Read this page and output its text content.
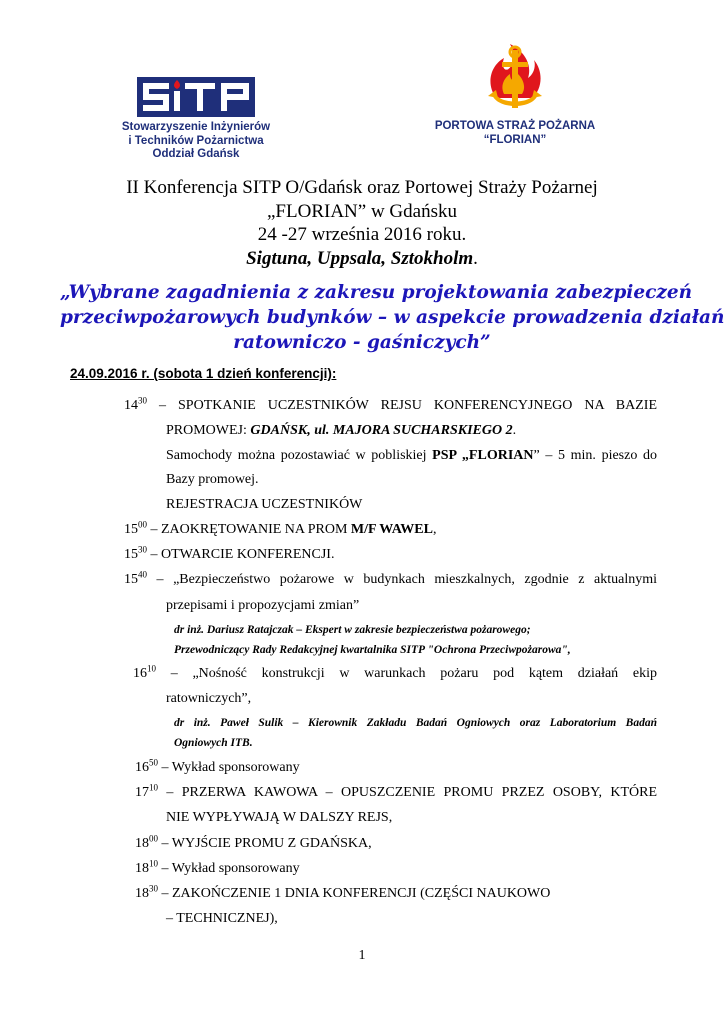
Stowarzyszenie Inżynierów
i Techników Pożarnictwa
Oddział Gdańsk
PORTOWA STRAŻ POŻARNA
“FLORIAN”
II Konferencja SITP O/Gdańsk oraz Portowej Straży Pożarnej
„FLORIAN” w Gdańsku
24 -27 września 2016 roku.
Sigtuna, Uppsala, Sztokholm.
„Wybrane zagadnienia z zakresu projektowania zabezpieczeń
przeciwpożarowych budynków – w aspekcie prowadzenia działań
ratowniczo - gaśniczych”
24.09.2016 r. (sobota 1 dzień konferencji):
$14^{30}$ – SPOTKANIE UCZESTNIKÓW REJSU KONFERENCYJNEGO NA BAZIE
PROMOWEJ: GDAŃSK, ul. MAJORA SUCHARSKIEGO 2.
Samochody można pozostawiać w pobliskiej PSP „FLORIAN” – 5 min. pieszo do
Bazy promowej.
REJESTRACJA UCZESTNIKÓW
$15^{00}$ – ZAOKRĘTOWANIE NA PROM M/F WAWEL,
$15^{30}$ – OTWARCIE KONFERENCJI.
$15^{40}$ – „Bezpieczeństwo pożarowe w budynkach mieszkalnych, zgodnie z aktualnymi
przepisami i propozycjami zmian”
dr inż. Dariusz Ratajczak – Ekspert w zakresie bezpieczeństwa pożarowego;
Przewodniczący Rady Redakcyjnej kwartalnika SITP "Ochrona Przeciwpożarowa",
$16^{10}$ – „Nośność konstrukcji w warunkach pożaru pod kątem działań ekip
ratowniczych”,
dr inż. Paweł Sulik – Kierownik Zakładu Badań Ogniowych oraz Laboratorium Badań
Ogniowych ITB.
$16^{50}$ – Wykład sponsorowany
$17^{10}$ – PRZERWA KAWOWA – OPUSZCZENIE PROMU PRZEZ OSOBY, KTÓRE
NIE WYPŁYWAJĄ W DALSZY REJS,
$18^{00}$ – WYJŚCIE PROMU Z GDAŃSKA,
$18^{10}$ – Wykład sponsorowany
$18^{30}$ – ZAKOŃCZENIE 1 DNIA KONFERENCJI (CZĘŚCI NAUKOWO
– TECHNICZNEJ),
1
